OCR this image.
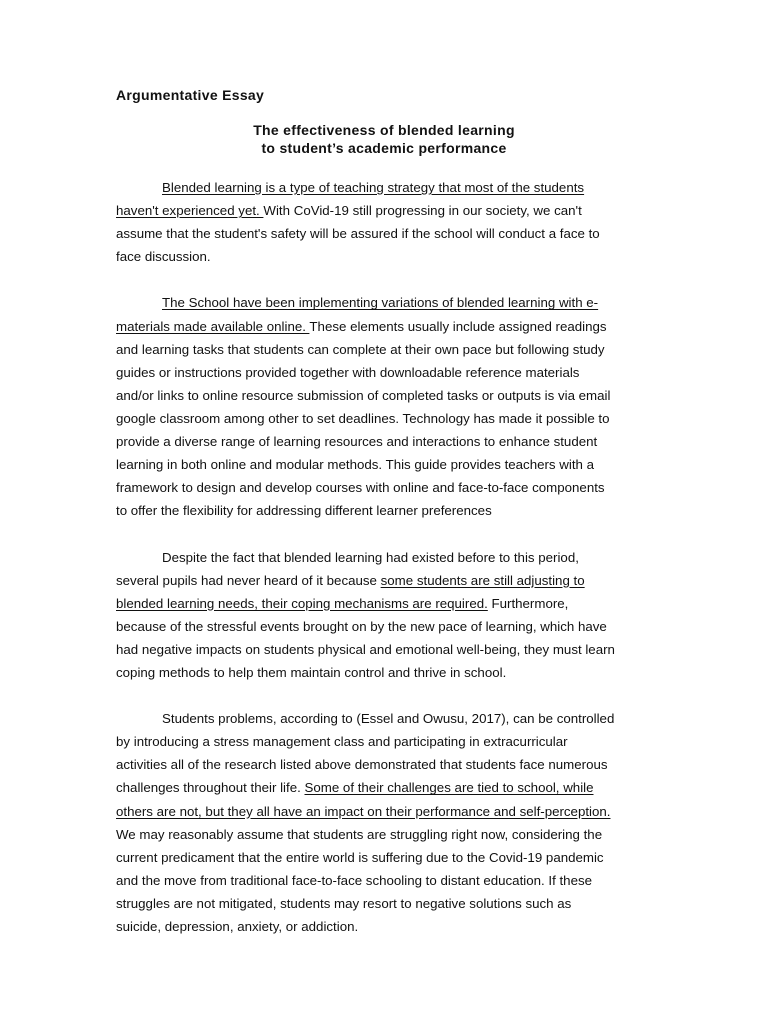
Argumentative Essay
The effectiveness of blended learning
to student’s academic performance
Blended learning is a type of teaching strategy that most of the students
haven't experienced yet. With CoVid-19 still progressing in our society, we can't
assume that the student's safety will be assured if the school will conduct a face to
face discussion.
The School have been implementing variations of blended learning with e-
materials made available online. These elements usually include assigned readings
and learning tasks that students can complete at their own pace but following study
guides or instructions provided together with downloadable reference materials
and/or links to online resource submission of completed tasks or outputs is via email
google classroom among other to set deadlines. Technology has made it possible to
provide a diverse range of learning resources and interactions to enhance student
learning in both online and modular methods. This guide provides teachers with a
framework to design and develop courses with online and face-to-face components
to offer the flexibility for addressing different learner preferences
Despite the fact that blended learning had existed before to this period,
several pupils had never heard of it because some students are still adjusting to
blended learning needs, their coping mechanisms are required. Furthermore,
because of the stressful events brought on by the new pace of learning, which have
had negative impacts on students physical and emotional well-being, they must learn
coping methods to help them maintain control and thrive in school.
Students problems, according to (Essel and Owusu, 2017), can be controlled
by introducing a stress management class and participating in extracurricular
activities all of the research listed above demonstrated that students face numerous
challenges throughout their life. Some of their challenges are tied to school, while
others are not, but they all have an impact on their performance and self-perception.
We may reasonably assume that students are struggling right now, considering the
current predicament that the entire world is suffering due to the Covid-19 pandemic
and the move from traditional face-to-face schooling to distant education. If these
struggles are not mitigated, students may resort to negative solutions such as
suicide, depression, anxiety, or addiction.
